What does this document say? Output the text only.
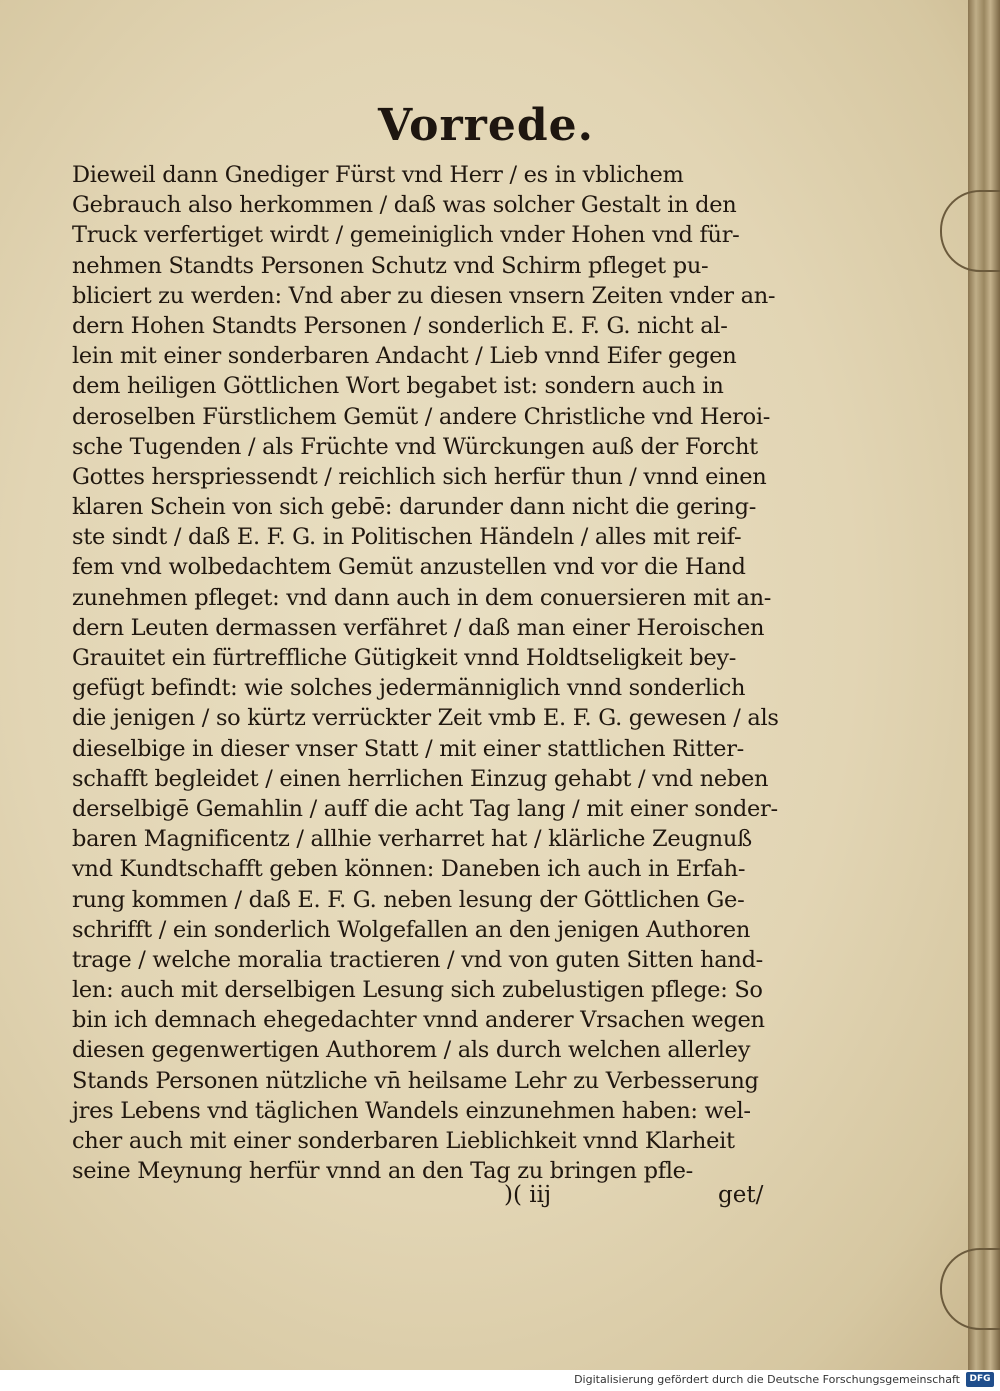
Vorrede.
Dieweil dann Gnediger Fürst vnd Herr / es in vblichem
Gebrauch also herkommen / daß was solcher Gestalt in den
Truck verfertiget wirdt / gemeiniglich vnder Hohen vnd für-
nehmen Standts Personen Schutz vnd Schirm pfleget pu-
bliciert zu werden: Vnd aber zu diesen vnsern Zeiten vnder an-
dern Hohen Standts Personen / sonderlich E. F. G. nicht al-
lein mit einer sonderbaren Andacht / Lieb vnnd Eifer gegen
dem heiligen Göttlichen Wort begabet ist: sondern auch in
deroselben Fürstlichem Gemüt / andere Christliche vnd Heroi-
sche Tugenden / als Früchte vnd Würckungen auß der Forcht
Gottes herspriessendt / reichlich sich herfür thun / vnnd einen
klaren Schein von sich gebē: darunder dann nicht die gering-
ste sindt / daß E. F. G. in Politischen Händeln / alles mit reif-
fem vnd wolbedachtem Gemüt anzustellen vnd vor die Hand
zunehmen pfleget: vnd dann auch in dem conuersieren mit an-
dern Leuten dermassen verfähret / daß man einer Heroischen
Grauitet ein fürtreffliche Gütigkeit vnnd Holdtseligkeit bey-
gefügt befindt: wie solches jedermänniglich vnnd sonderlich
die jenigen / so kürtz verrückter Zeit vmb E. F. G. gewesen / als
dieselbige in dieser vnser Statt / mit einer stattlichen Ritter-
schafft begleidet / einen herrlichen Einzug gehabt / vnd neben
derselbigē Gemahlin / auff die acht Tag lang / mit einer sonder-
baren Magnificentz / allhie verharret hat / klärliche Zeugnuß
vnd Kundtschafft geben können: Daneben ich auch in Erfah-
rung kommen / daß E. F. G. neben lesung der Göttlichen Ge-
schrifft / ein sonderlich Wolgefallen an den jenigen Authoren
trage / welche moralia tractieren / vnd von guten Sitten hand-
len: auch mit derselbigen Lesung sich zubelustigen pflege: So
bin ich demnach ehegedachter vnnd anderer Vrsachen wegen
diesen gegenwertigen Authorem / als durch welchen allerley
Stands Personen nützliche vn̄ heilsame Lehr zu Verbesserung
jres Lebens vnd täglichen Wandels einzunehmen haben: wel-
cher auch mit einer sonderbaren Lieblichkeit vnnd Klarheit
seine Meynung herfür vnnd an den Tag zu bringen pfle-
)( iij	get/
Digitalisierung gefördert durch die Deutsche Forschungsgemeinschaft	DFG
